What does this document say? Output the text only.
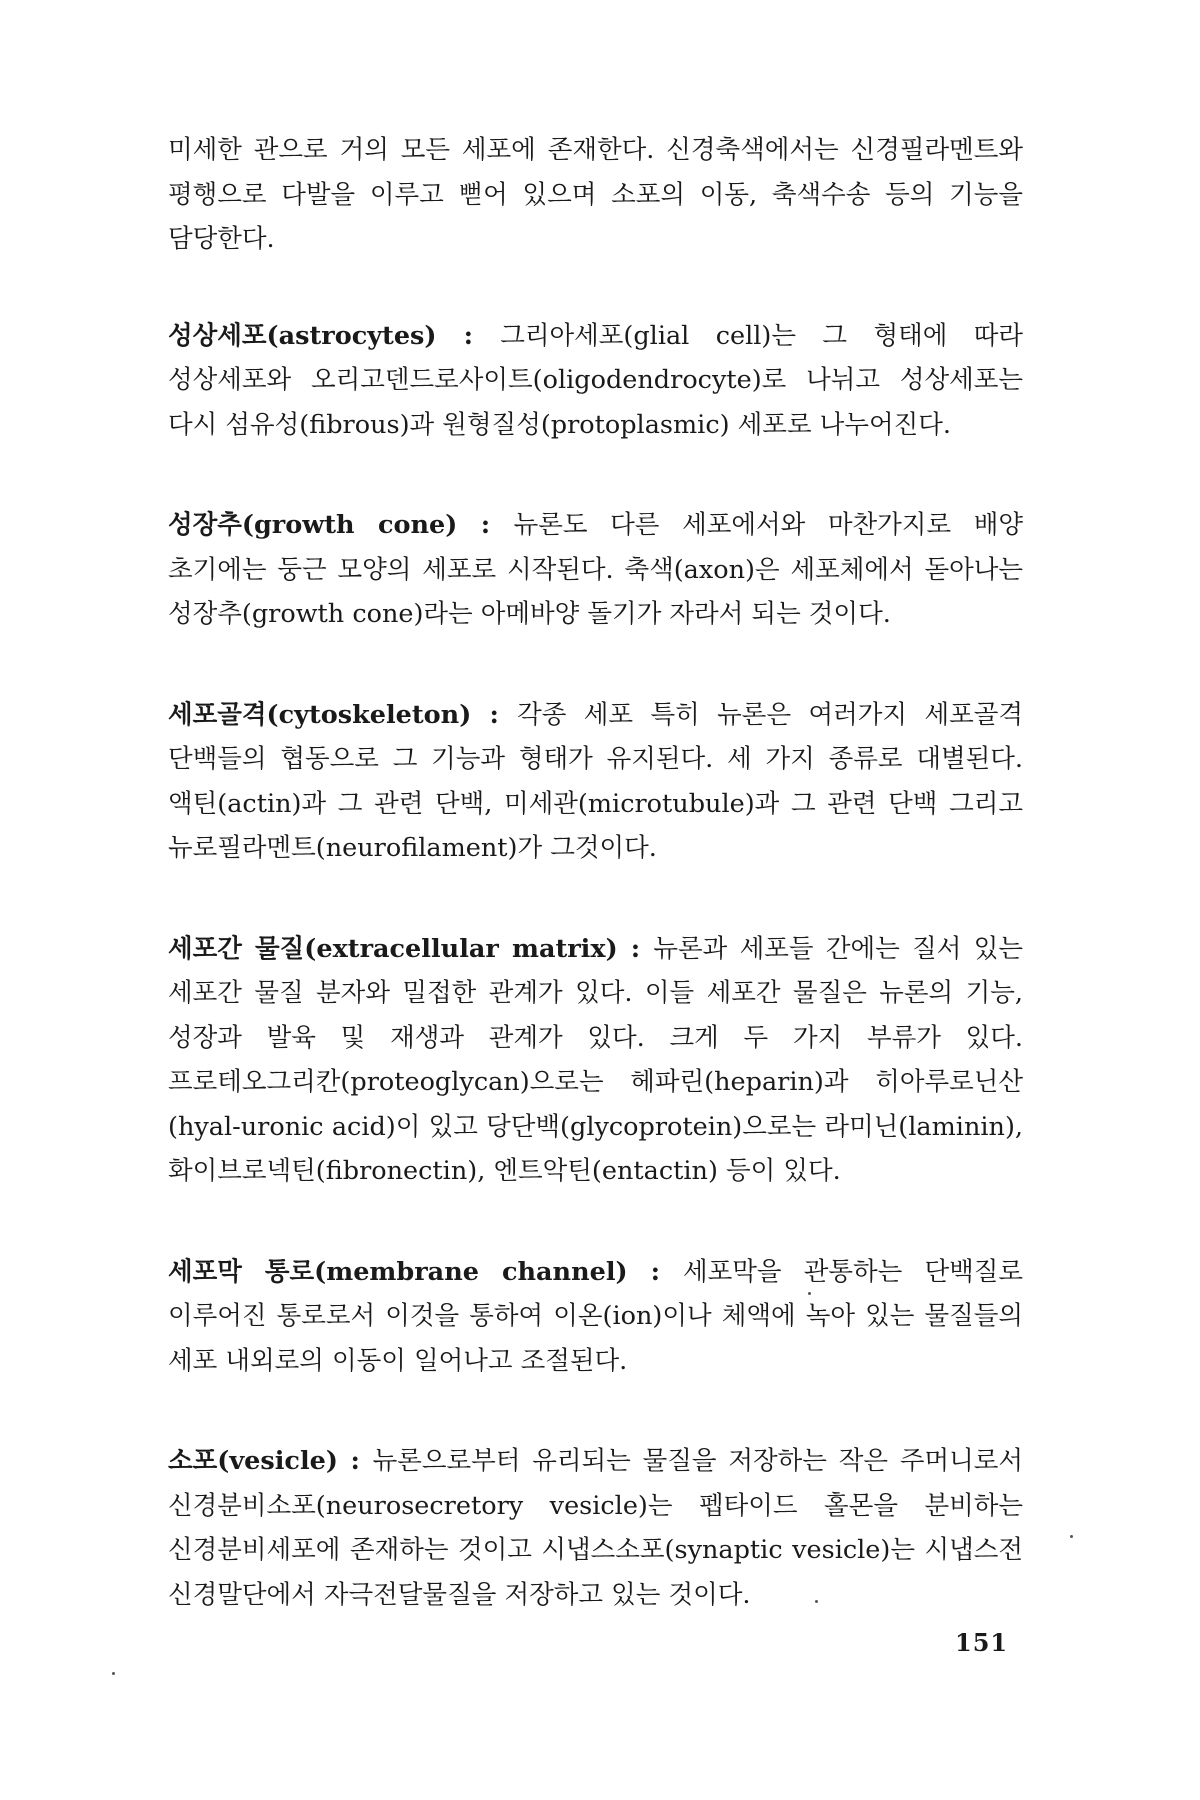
미세한 관으로 거의 모든 세포에 존재한다. 신경축색에서는 신경필라멘트와 평행으로 다발을 이루고 뻗어 있으며 소포의 이동, 축색수송 등의 기능을 담당한다.

성상세포(astrocytes) : 그리아세포(glial cell)는 그 형태에 따라 성상세포와 오리고덴드로사이트(oligodendrocyte)로 나뉘고 성상세포는 다시 섬유성(fibrous)과 원형질성(protoplasmic) 세포로 나누어진다.

성장추(growth cone) : 뉴론도 다른 세포에서와 마찬가지로 배양 초기에는 둥근 모양의 세포로 시작된다. 축색(axon)은 세포체에서 돋아나는 성장추(growth cone)라는 아메바양 돌기가 자라서 되는 것이다.

세포골격(cytoskeleton) : 각종 세포 특히 뉴론은 여러가지 세포골격 단백들의 협동으로 그 기능과 형태가 유지된다. 세 가지 종류로 대별된다. 액틴(actin)과 그 관련 단백, 미세관(microtubule)과 그 관련 단백 그리고 뉴로필라멘트(neurofilament)가 그것이다.

세포간 물질(extracellular matrix) : 뉴론과 세포들 간에는 질서 있는 세포간 물질 분자와 밀접한 관계가 있다. 이들 세포간 물질은 뉴론의 기능, 성장과 발육 및 재생과 관계가 있다. 크게 두 가지 부류가 있다. 프로테오그리칸(proteoglycan)으로는 헤파린(heparin)과 히아루로닌산(hyal-uronic acid)이 있고 당단백(glycoprotein)으로는 라미닌(laminin), 화이브로넥틴(fibronectin), 엔트악틴(entactin) 등이 있다.

세포막 통로(membrane channel) : 세포막을 관통하는 단백질로 이루어진 통로로서 이것을 통하여 이온(ion)이나 체액에 녹아 있는 물질들의 세포 내외로의 이동이 일어나고 조절된다.

소포(vesicle) : 뉴론으로부터 유리되는 물질을 저장하는 작은 주머니로서 신경분비소포(neurosecretory vesicle)는 펩타이드 홀몬을 분비하는 신경분비세포에 존재하는 것이고 시냅스소포(synaptic vesicle)는 시냅스전 신경말단에서 자극전달물질을 저장하고 있는 것이다.

151
